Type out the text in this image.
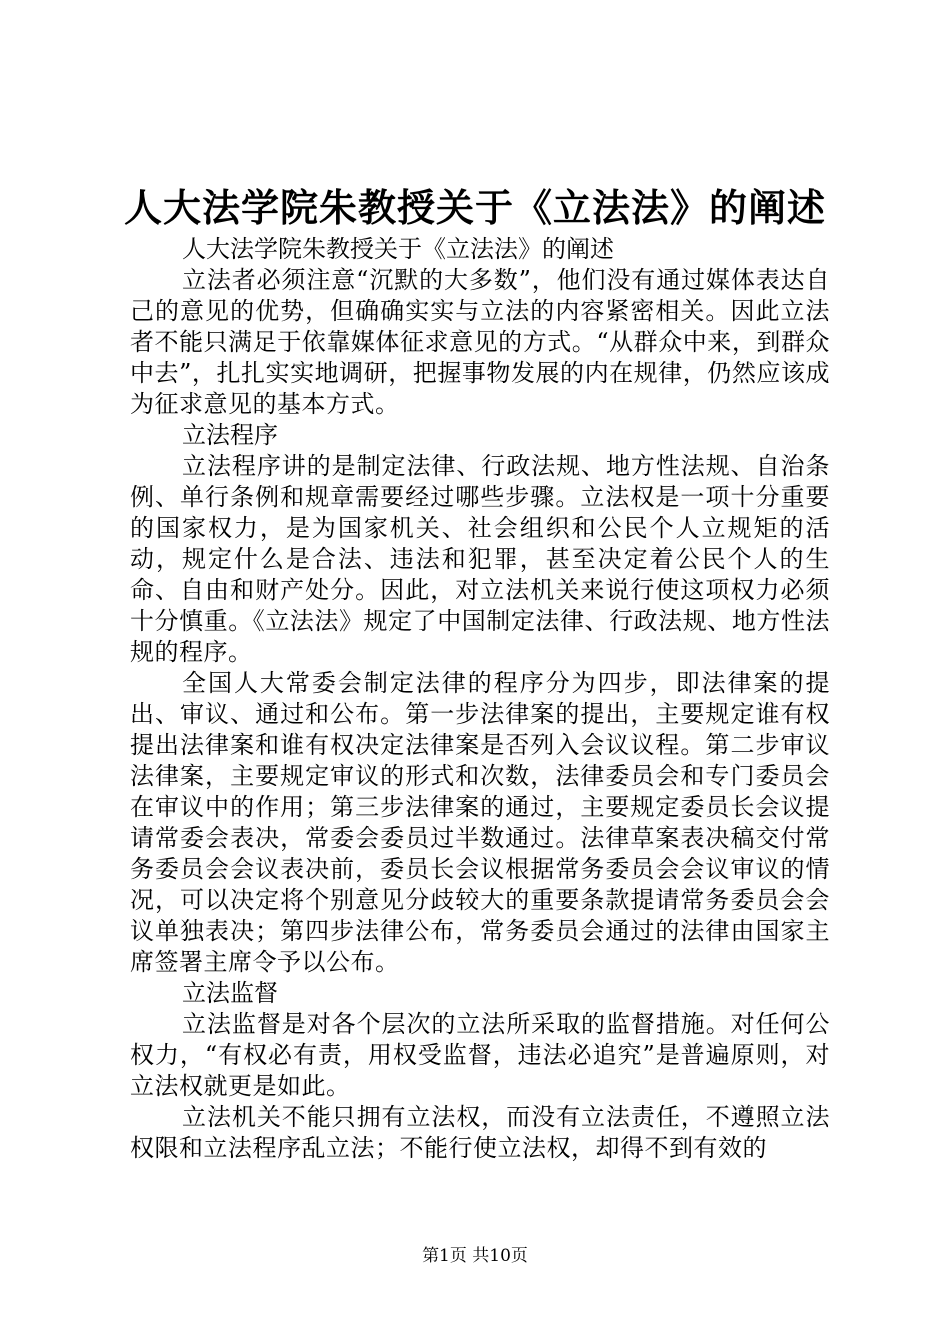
人大法学院朱教授关于《立法法》的阐述

人大法学院朱教授关于《立法法》的阐述

立法者必须注意“沉默的大多数”，他们没有通过媒体表达自己的意见的优势，但确确实实与立法的内容紧密相关。因此立法者不能只满足于依靠媒体征求意见的方式。“从群众中来，到群众中去”，扎扎实实地调研，把握事物发展的内在规律，仍然应该成为征求意见的基本方式。

立法程序

立法程序讲的是制定法律、行政法规、地方性法规、自治条例、单行条例和规章需要经过哪些步骤。立法权是一项十分重要的国家权力，是为国家机关、社会组织和公民个人立规矩的活动，规定什么是合法、违法和犯罪，甚至决定着公民个人的生命、自由和财产处分。因此，对立法机关来说行使这项权力必须十分慎重。《立法法》规定了中国制定法律、行政法规、地方性法规的程序。

全国人大常委会制定法律的程序分为四步，即法律案的提出、审议、通过和公布。第一步法律案的提出，主要规定谁有权提出法律案和谁有权决定法律案是否列入会议议程。第二步审议法律案，主要规定审议的形式和次数，法律委员会和专门委员会在审议中的作用；第三步法律案的通过，主要规定委员长会议提请常委会表决，常委会委员过半数通过。法律草案表决稿交付常务委员会会议表决前，委员长会议根据常务委员会会议审议的情况，可以决定将个别意见分歧较大的重要条款提请常务委员会会议单独表决；第四步法律公布，常务委员会通过的法律由国家主席签署主席令予以公布。

立法监督

立法监督是对各个层次的立法所采取的监督措施。对任何公权力，“有权必有责，用权受监督，违法必追究”是普遍原则，对立法权就更是如此。

立法机关不能只拥有立法权，而没有立法责任，不遵照立法权限和立法程序乱立法；不能行使立法权，却得不到有效的

第1页 共10页
